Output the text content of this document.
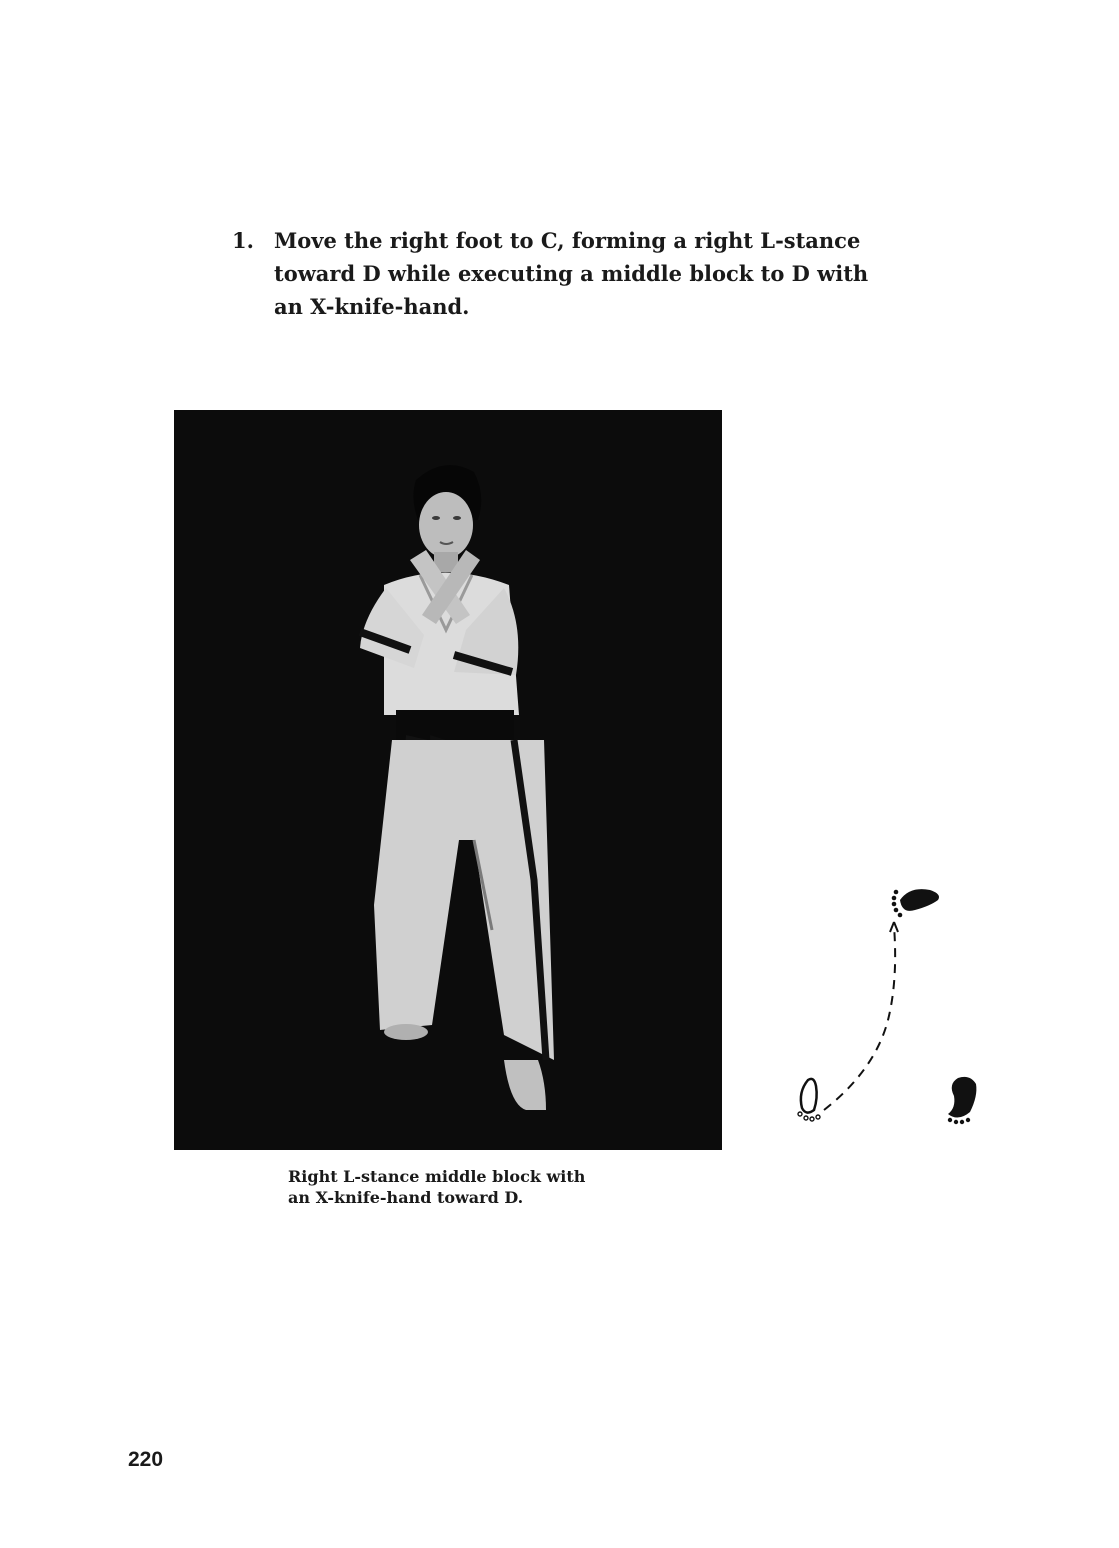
1. Move the right foot to C, forming a right L-stance
toward D while executing a middle block to D with
an X-knife-hand.
Right L-stance middle block with
an X-knife-hand toward D.
220
